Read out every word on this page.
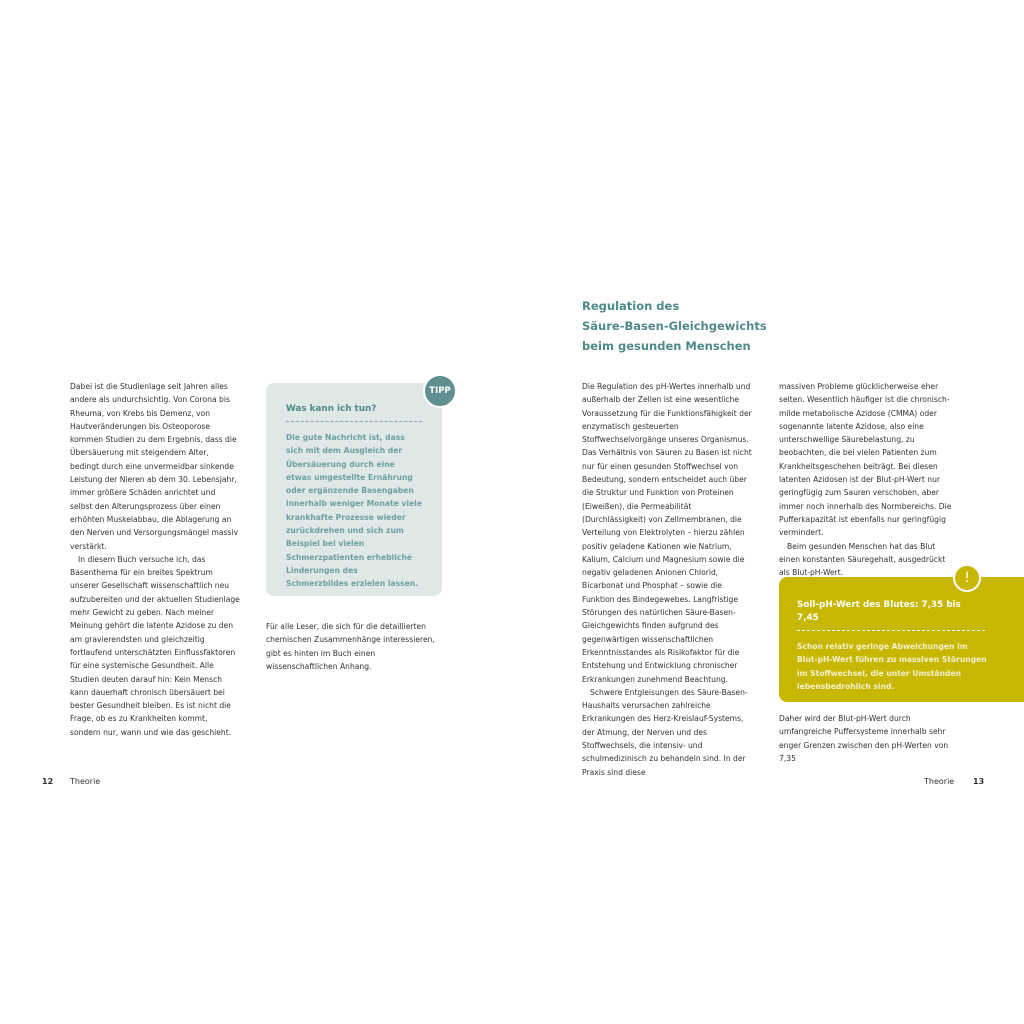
Dabei ist die Studienlage seit Jahren alles andere als undurchsichtig. Von Corona bis Rheuma, von Krebs bis Demenz, von Hautveränderungen bis Osteoporose kommen Studien zu dem Ergebnis, dass die Übersäuerung mit steigendem Alter, bedingt durch eine unvermeidbar sinkende Leistung der Nieren ab dem 30. Lebensjahr, immer größere Schäden anrichtet und selbst den Alterungsprozess über einen erhöhten Muskelabbau, die Ablagerung an den Nerven und Versorgungsmängel massiv verstärkt.

In diesem Buch versuche ich, das Basenthema für ein breites Spektrum unserer Gesellschaft wissenschaftlich neu aufzubereiten und der aktuellen Studienlage mehr Gewicht zu geben. Nach meiner Meinung gehört die latente Azidose zu den am gravierendsten und gleichzeitig fortlaufend unterschätzten Einflussfaktoren für eine systemische Gesundheit. Alle Studien deuten darauf hin: Kein Mensch kann dauerhaft chronisch übersäuert bei bester Gesundheit bleiben. Es ist nicht die Frage, ob es zu Krankheiten kommt, sondern nur, wann und wie das geschieht.

Was kann ich tun?
Die gute Nachricht ist, dass sich mit dem Ausgleich der Übersäuerung durch eine etwas umgestellte Ernährung oder ergänzende Basengaben innerhalb weniger Monate viele krankhafte Prozesse wieder zurückdrehen und sich zum Beispiel bei vielen Schmerzpatienten erhebliche Linderungen des Schmerzbildes erzielen lassen.
TIPP

Für alle Leser, die sich für die detaillierten chemischen Zusammenhänge interessieren, gibt es hinten im Buch einen wissenschaftlichen Anhang.

Regulation des
Säure-Basen-Gleichgewichts
beim gesunden Menschen

Die Regulation des pH-Wertes innerhalb und außerhalb der Zellen ist eine wesentliche Voraussetzung für die Funktionsfähigkeit der enzymatisch gesteuerten Stoffwechselvorgänge unseres Organismus. Das Verhältnis von Säuren zu Basen ist nicht nur für einen gesunden Stoffwechsel von Bedeutung, sondern entscheidet auch über die Struktur und Funktion von Proteinen (Eiweißen), die Permeabilität (Durchlässigkeit) von Zellmembranen, die Verteilung von Elektrolyten – hierzu zählen positiv geladene Kationen wie Natrium, Kalium, Calcium und Magnesium sowie die negativ geladenen Anionen Chlorid, Bicarbonat und Phosphat – sowie die Funktion des Bindegewebes. Langfristige Störungen des natürlichen Säure-Basen-Gleichgewichts finden aufgrund des gegenwärtigen wissenschaftlichen Erkenntnisstandes als Risikofaktor für die Entstehung und Entwicklung chronischer Erkrankungen zunehmend Beachtung.

Schwere Entgleisungen des Säure-Basen-Haushalts verursachen zahlreiche Erkrankungen des Herz-Kreislauf-Systems, der Atmung, der Nerven und des Stoffwechsels, die intensiv- und schulmedizinisch zu behandeln sind. In der Praxis sind diese

massiven Probleme glücklicherweise eher selten. Wesentlich häufiger ist die chronisch-milde metabolische Azidose (CMMA) oder sogenannte latente Azidose, also eine unterschwellige Säurebelastung, zu beobachten, die bei vielen Patienten zum Krankheitsgeschehen beiträgt. Bei diesen latenten Azidosen ist der Blut-pH-Wert nur geringfügig zum Sauren verschoben, aber immer noch innerhalb des Normbereichs. Die Pufferkapazität ist ebenfalls nur geringfügig vermindert.

Beim gesunden Menschen hat das Blut einen konstanten Säuregehalt, ausgedrückt als Blut-pH-Wert.

Soll-pH-Wert des Blutes: 7,35 bis 7,45
Schon relativ geringe Abweichungen im Blut-pH-Wert führen zu massiven Störungen im Stoffwechsel, die unter Umständen lebensbedrohlich sind.
!

Daher wird der Blut-pH-Wert durch umfangreiche Puffersysteme innerhalb sehr enger Grenzen zwischen den pH-Werten von 7,35

12 Theorie	Theorie 13
